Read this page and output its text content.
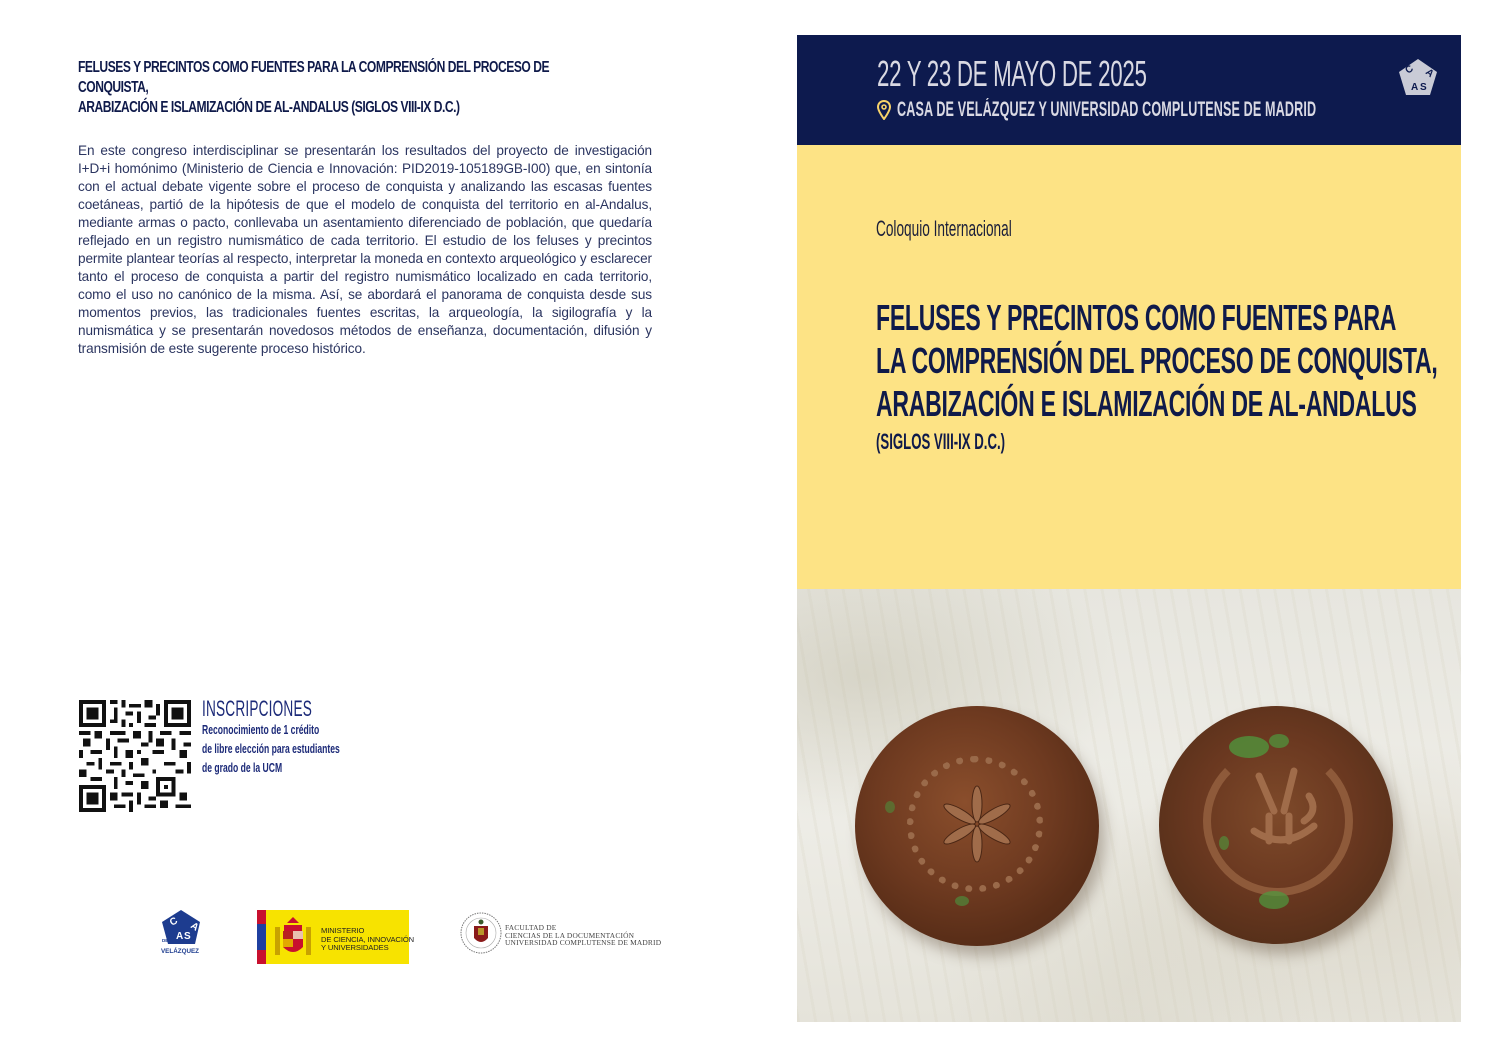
FELUSES Y PRECINTOS COMO FUENTES PARA LA COMPRENSIÓN DEL PROCESO DE CONQUISTA,
ARABIZACIÓN E ISLAMIZACIÓN DE AL-ANDALUS (SIGLOS VIII-IX D.C.)

En este congreso interdisciplinar se presentarán los resultados del proyecto de investigación I+D+i homónimo (Ministerio de Ciencia e Innovación: PID2019-105189GB-I00) que, en sintonía con el actual debate vigente sobre el proceso de conquista y analizando las escasas fuentes coetáneas, partió de la hipótesis de que el modelo de conquista del territorio en al-Andalus, mediante armas o pacto, conllevaba un asentamiento diferenciado de población, que quedaría reflejado en un registro numismático de cada territorio. El estudio de los feluses y precintos permite plantear teorías al respecto, interpretar la moneda en contexto arqueológico y esclarecer tanto el proceso de conquista a partir del registro numismático localizado en cada territorio, como el uso no canónico de la misma. Así, se abordará el panorama de conquista desde sus momentos previos, las tradicionales fuentes escritas, la arqueología, la sigilografía y la numismática y se presentarán novedosos métodos de enseñanza, documentación, difusión y transmisión de este sugerente proceso histórico.

INSCRIPCIONES
Reconocimiento de 1 crédito
de libre elección para estudiantes
de grado de la UCM
C
A S
A
DE
VELÁZQUEZ
MINISTERIO
DE CIENCIA, INNOVACIÓN
Y UNIVERSIDADES
FACULTAD DE
CIENCIAS DE LA DOCUMENTACIÓN
UNIVERSIDAD COMPLUTENSE DE MADRID
22 Y 23 DE MAYO DE 2025
CASA DE VELÁZQUEZ Y UNIVERSIDAD COMPLUTENSE DE MADRID
C
A S
A
Coloquio Internacional
FELUSES Y PRECINTOS COMO FUENTES PARA
LA COMPRENSIÓN DEL PROCESO DE CONQUISTA,
ARABIZACIÓN E ISLAMIZACIÓN DE AL-ANDALUS
(SIGLOS VIII-IX D.C.)
